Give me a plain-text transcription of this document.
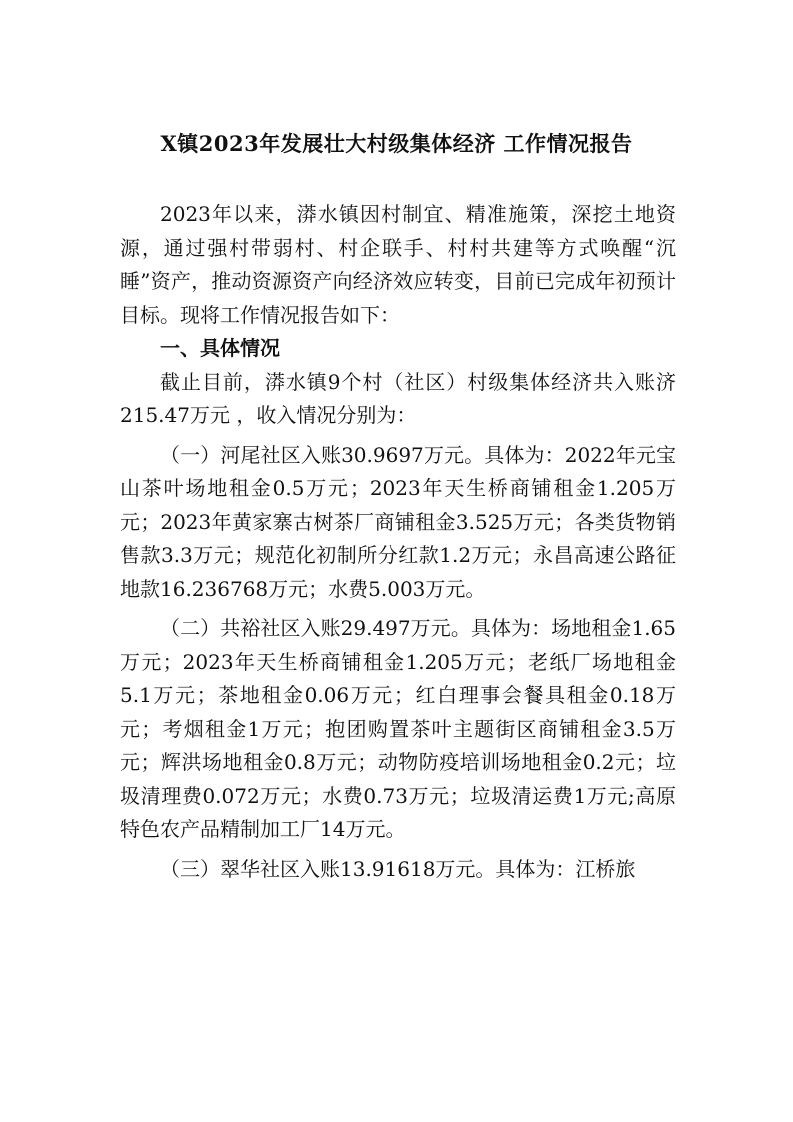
X镇2023年发展壮大村级集体经济 工作情况报告

2023年以来，漭水镇因村制宜、精准施策，深挖土地资源，通过强村带弱村、村企联手、村村共建等方式唤醒“沉睡”资产，推动资源资产向经济效应转变，目前已完成年初预计目标。现将工作情况报告如下：

一、具体情况

截止目前，漭水镇9个村（社区）村级集体经济共入账济215.47万元 ，收入情况分别为：

（一）河尾社区入账30.9697万元。具体为：2022年元宝山茶叶场地租金0.5万元；2023年天生桥商铺租金1.205万元；2023年黄家寨古树茶厂商铺租金3.525万元；各类货物销售款3.3万元；规范化初制所分红款1.2万元；永昌高速公路征地款16.236768万元；水费5.003万元。

（二）共裕社区入账29.497万元。具体为：场地租金1.65万元；2023年天生桥商铺租金1.205万元；老纸厂场地租金5.1万元；茶地租金0.06万元；红白理事会餐具租金0.18万元；考烟租金1万元；抱团购置茶叶主题街区商铺租金3.5万元；辉洪场地租金0.8万元；动物防疫培训场地租金0.2元；垃圾清理费0.072万元；水费0.73万元；垃圾清运费1万元;高原特色农产品精制加工厂14万元。

（三）翠华社区入账13.91618万元。具体为：江桥旅
